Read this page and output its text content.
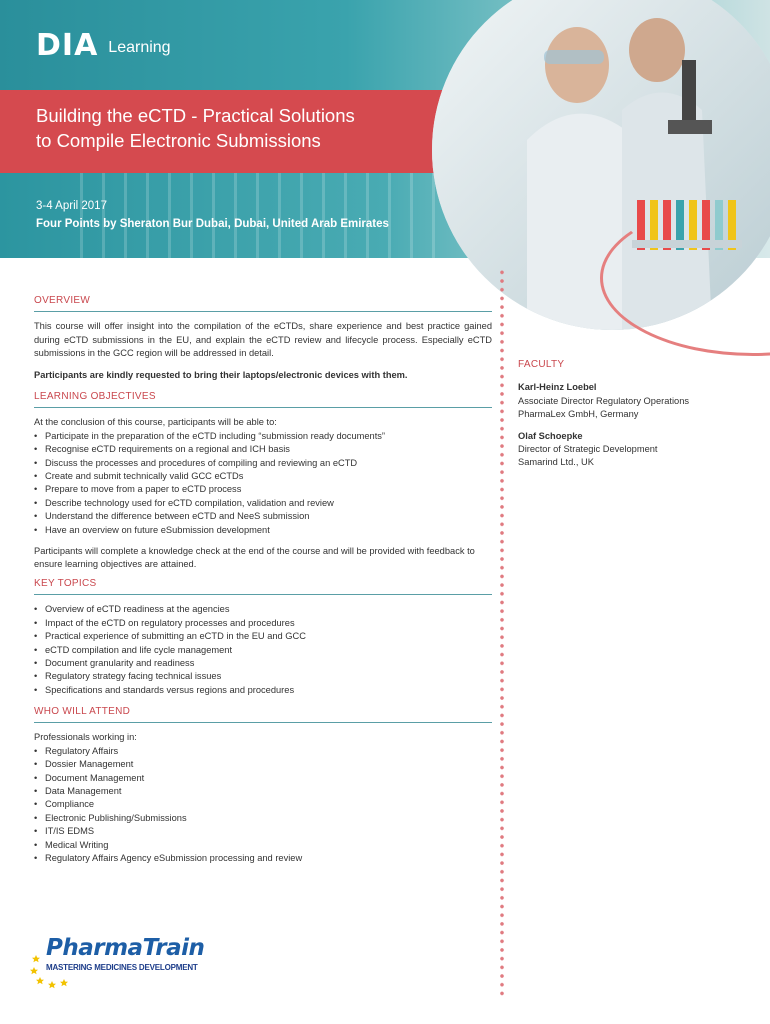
DIA Learning
Building the eCTD - Practical Solutions
to Compile Electronic Submissions
3-4 April 2017
Four Points by Sheraton Bur Dubai, Dubai, United Arab Emirates
OVERVIEW

This course will offer insight into the compilation of the eCTDs, share experience and best practice gained during eCTD submissions in the EU, and explain the eCTD review and lifecycle process. Especially eCTD submissions in the GCC region will be addressed in detail.

Participants are kindly requested to bring their laptops/electronic devices with them.

LEARNING OBJECTIVES

At the conclusion of this course, participants will be able to:

• Participate in the preparation of the eCTD including “submission ready documents”
• Recognise eCTD requirements on a regional and ICH basis
• Discuss the processes and procedures of compiling and reviewing an eCTD
• Create and submit technically valid GCC eCTDs
• Prepare to move from a paper to eCTD process
• Describe technology used for eCTD compilation, validation and review
• Understand the difference between eCTD and NeeS submission
• Have an overview on future eSubmission development

Participants will complete a knowledge check at the end of the course and will be provided with feedback to ensure learning objectives are attained.

KEY TOPICS
• Overview of eCTD readiness at the agencies
• Impact of the eCTD on regulatory processes and procedures
• Practical experience of submitting an eCTD in the EU and GCC
• eCTD compilation and life cycle management
• Document granularity and readiness
• Regulatory strategy facing technical issues
• Specifications and standards versus regions and procedures
WHO WILL ATTEND

Professionals working in:

• Regulatory Affairs
• Dossier Management
• Document Management
• Data Management
• Compliance
• Electronic Publishing/Submissions
• IT/IS EDMS
• Medical Writing
• Regulatory Affairs Agency eSubmission processing and review
FACULTY
Karl-Heinz Loebel
Associate Director Regulatory Operations
PharmaLex GmbH, Germany
Olaf Schoepke
Director of Strategic Development
Samarind Ltd., UK
PharmaTrain
MASTERING MEDICINES DEVELOPMENT
